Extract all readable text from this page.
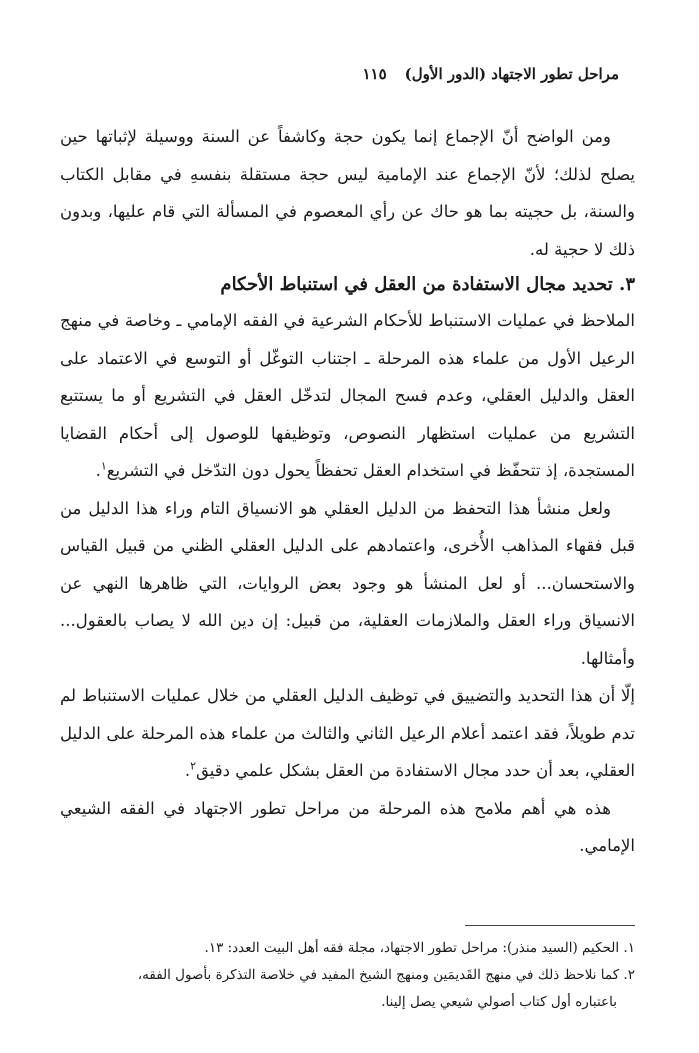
مراحل تطور الاجتهاد (الدور الأول)
١١٥

ومن الواضح أنّ الإجماع إنما يكون حجة وكاشفاً عن السنة ووسيلة لإثباتها حين يصلح لذلك؛ لأنّ الإجماع عند الإمامية ليس حجة مستقلة بنفسهِ في مقابل الكتاب والسنة، بل حجيته بما هو حاك عن رأي المعصوم في المسألة التي قام عليها، وبدون ذلك لا حجية له.

٣. تحديد مجال الاستفادة من العقل في استنباط الأحكام

الملاحظ في عمليات الاستنباط للأحكام الشرعية في الفقه الإمامي ـ وخاصة في منهج الرعيل الأول من علماء هذه المرحلة ـ اجتناب التوغّل أو التوسع في الاعتماد على العقل والدليل العقلي، وعدم فسح المجال لتدخّل العقل في التشريع أو ما يستتبع التشريع من عمليات استظهار النصوص، وتوظيفها للوصول إلى أحكام القضايا المستجدة، إذ تتحفّظ في استخدام العقل تحفظاً يحول دون التدّخل في التشريع$^١$.

ولعل منشأ هذا التحفظ من الدليل العقلي هو الانسياق التام وراء هذا الدليل من قبل فقهاء المذاهب الأُخرى، واعتمادهم على الدليل العقلي الظني من قبيل القياس والاستحسان... أو لعل المنشأ هو وجود بعض الروايات، التي ظاهرها النهي عن الانسياق وراء العقل والملازمات العقلية، من قبيل: إن دين الله لا يصاب بالعقول... وأمثالها.

إلّا أن هذا التحديد والتضييق في توظيف الدليل العقلي من خلال عمليات الاستنباط لم تدم طويلاً، فقد اعتمد أعلام الرعيل الثاني والثالث من علماء هذه المرحلة على الدليل العقلي، بعد أن حدد مجال الاستفادة من العقل بشكل علمي دقيق$^٢$.

هذه هي أهم ملامح هذه المرحلة من مراحل تطور الاجتهاد في الفقه الشيعي الإمامي.

١. الحكيم (السيد منذر): مراحل تطور الاجتهاد، مجلة فقه أهل البيت العدد: ١٣.

٢. كما نلاحظ ذلك في منهج القَديمَين ومنهج الشيخ المفيد في خلاصة التذكرة بأصول الفقه،

باعتباره أول كتاب أصولي شيعي يصل إلينا.
